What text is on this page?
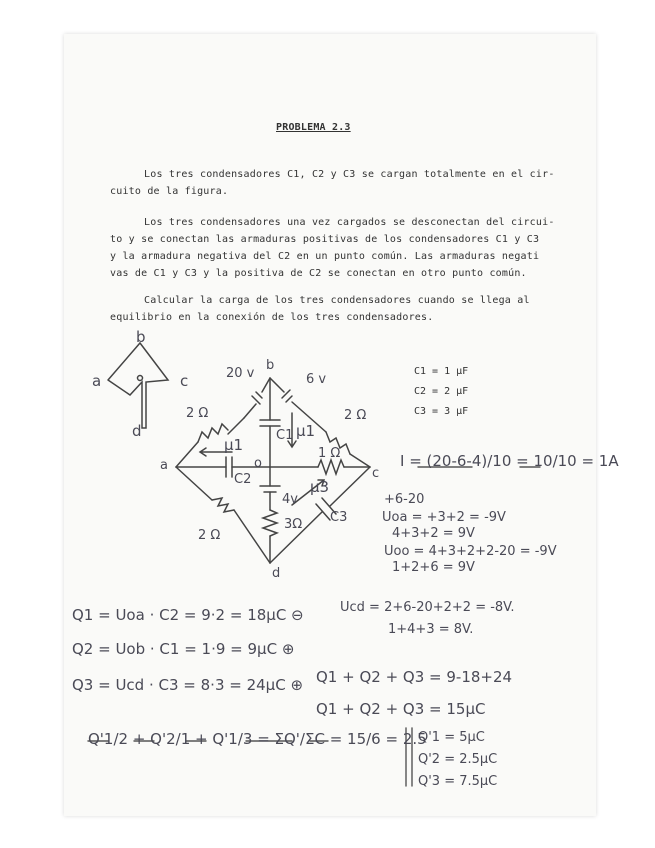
PROBLEMA 2.3
Los tres condensadores C1, C2 y C3 se cargan totalmente en el cir-
cuito de la figura.
Los tres condensadores una vez cargados se desconectan del circui-
to y se conectan las armaduras positivas de los condensadores C1 y C3
y la armadura negativa del C2 en un punto común. Las armaduras negati
vas de C1 y C3 y la positiva de C2 se conectan en otro punto común.
Calcular la carga de los tres condensadores cuando se llega al
equilibrio en la conexión de los tres condensadores.
b
a	c
d
b
a
c
d
o
20 v	6 v
4v
2 Ω	2 Ω
1 Ω
3Ω
2 Ω
C1
C2
C3
μ1
μ1
μ3
C1 = 1 μF
C2 = 2 μF
C3 = 3 μF
I = (20-6-4)/10 = 10/10 = 1A
+6-20
Uoa = +3+2 = -9V
4+3+2 = 9V
Uoo = 4+3+2+2-20 = -9V
1+2+6 = 9V
Q1 = Uoa · C2 = 9·2 = 18μC ⊖
Q2 = Uob · C1 = 1·9 = 9μC ⊕
Q3 = Ucd · C3 = 8·3 = 24μC ⊕
Ucd = 2+6-20+2+2 = -8V.
1+4+3 = 8V.
Q1 + Q2 + Q3 = 9-18+24
Q1 + Q2 + Q3 = 15μC
Q'1/2 + Q'2/1 + Q'1/3 = ΣQ'/ΣC = 15/6 = 2.5
Q'1 = 5μC
Q'2 = 2.5μC
Q'3 = 7.5μC
